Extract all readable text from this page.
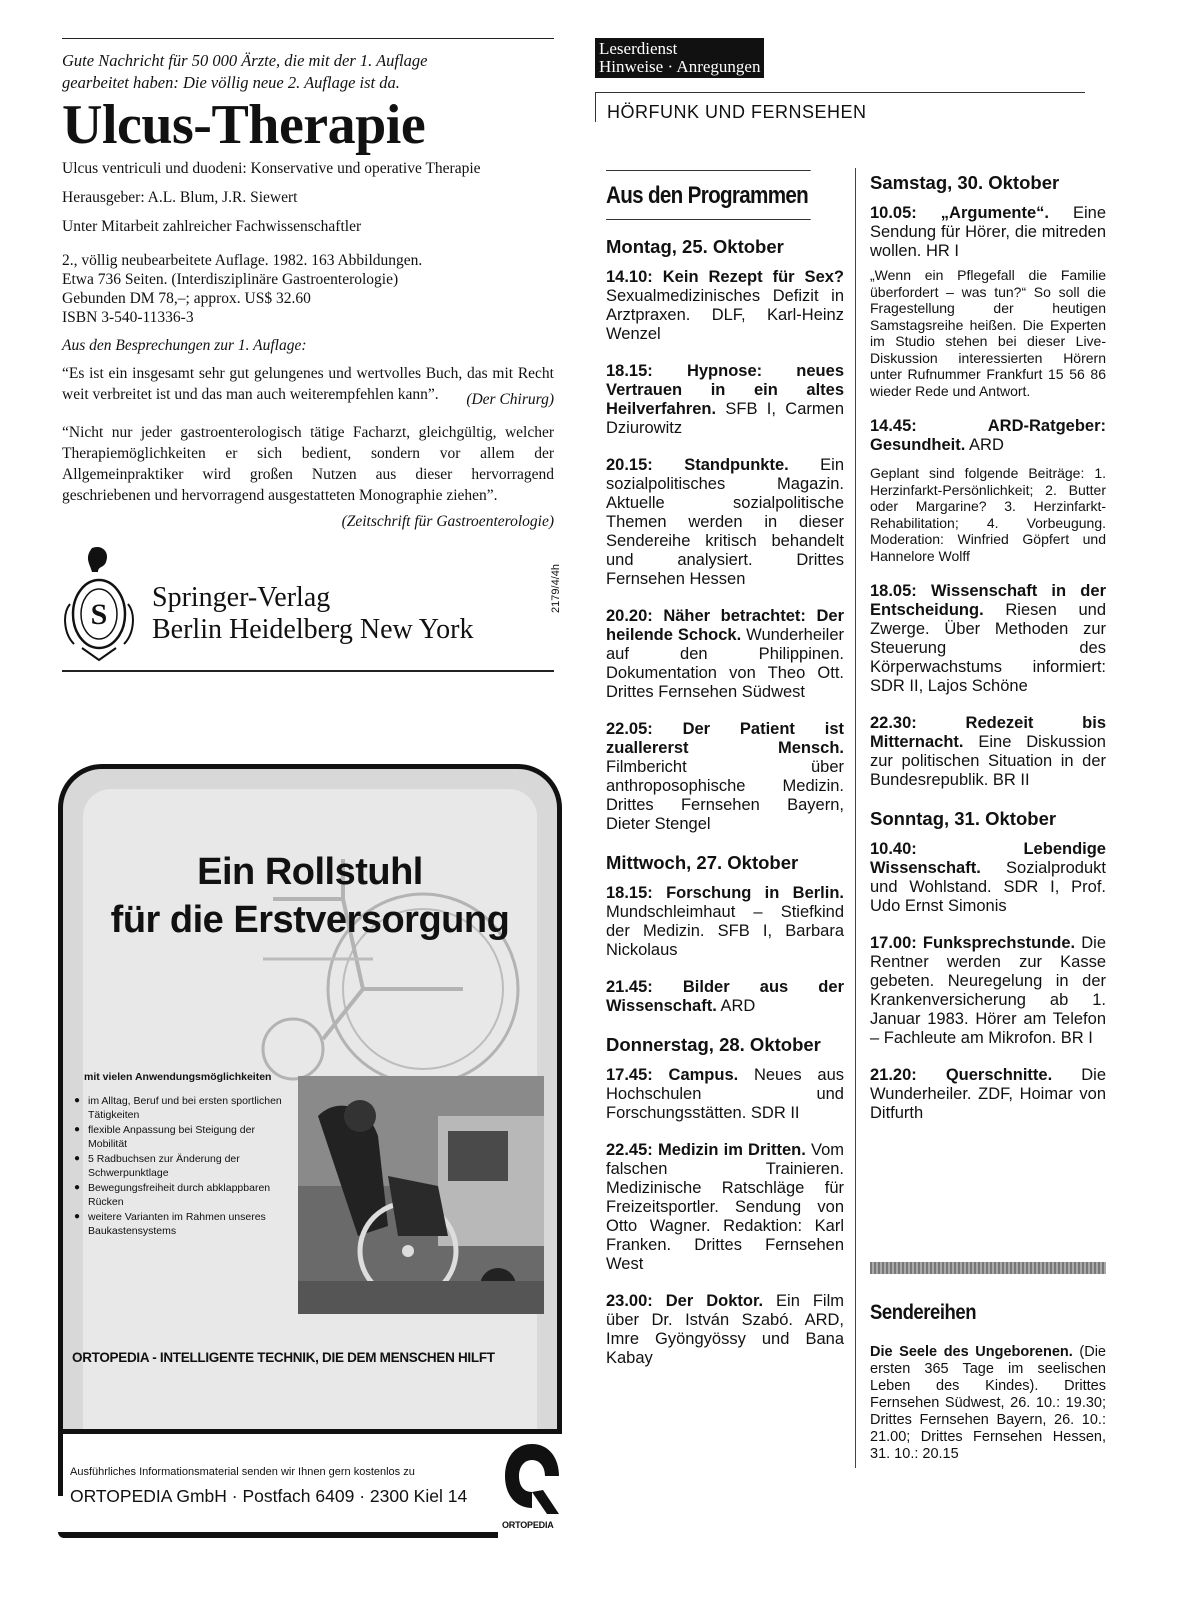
Gute Nachricht für 50 000 Ärzte, die mit der 1. Auflage

gearbeitet haben: Die völlig neue 2. Auflage ist da.

Ulcus-Therapie

Ulcus ventriculi und duodeni: Konservative und operative Therapie

Herausgeber: A.L. Blum, J.R. Siewert

Unter Mitarbeit zahlreicher Fachwissenschaftler

2., völlig neubearbeitete Auflage. 1982. 163 Abbildungen.
Etwa 736 Seiten. (Interdisziplinäre Gastroenterologie)
Gebunden DM 78,–; approx. US$ 32.60
ISBN 3-540-11336-3

Aus den Besprechungen zur 1. Auflage:

“Es ist ein insgesamt sehr gut gelungenes und wertvolles Buch, das mit Recht weit verbreitet ist und das man auch weiterempfehlen kann”.	(Der Chirurg)

“Nicht nur jeder gastroenterologisch tätige Facharzt, gleichgültig, welcher Therapiemöglichkeiten er sich bedient, sondern vor allem der Allgemeinpraktiker wird großen Nutzen aus dieser hervorragend geschriebenen und hervorragend ausgestatteten Monographie ziehen”.

(Zeitschrift für Gastroenterologie)

S
Springer-Verlag
Berlin Heidelberg New York
2179/4/4h
Ein Rollstuhl
für die Erstversorgung

mit vielen Anwendungsmöglichkeiten

● im Alltag, Beruf und bei ersten sportlichen Tätigkeiten
● flexible Anpassung bei Steigung der Mobilität
● 5 Radbuchsen zur Änderung der Schwerpunktlage
● Bewegungsfreiheit durch abklappbaren Rücken
● weitere Varianten im Rahmen unseres Baukastensystems
ORTOPEDIA - INTELLIGENTE TECHNIK, DIE DEM MENSCHEN HILFT
Ausführliches Informationsmaterial senden wir Ihnen gern kostenlos zu
ORTOPEDIA GmbH · Postfach 6409 · 2300 Kiel 14
ORTOPEDIA
Leserdienst
Hinweise · Anregungen
HÖRFUNK UND FERNSEHEN
Aus den Programmen

Montag, 25. Oktober

14.10: Kein Rezept für Sex? Sexualmedizinisches Defizit in Arztpraxen. DLF, Karl-Heinz Wenzel

18.15: Hypnose: neues Vertrauen in ein altes Heilverfahren. SFB I, Carmen Dziurowitz

20.15: Standpunkte. Ein sozialpolitisches Magazin. Aktuelle sozialpolitische Themen werden in dieser Sendereihe kritisch behandelt und analysiert. Drittes Fernsehen Hessen

20.20: Näher betrachtet: Der heilende Schock. Wunderheiler auf den Philippinen. Dokumentation von Theo Ott. Drittes Fernsehen Südwest

22.05: Der Patient ist zuallererst Mensch. Filmbericht über anthroposophische Medizin. Drittes Fernsehen Bayern, Dieter Stengel

Mittwoch, 27. Oktober

18.15: Forschung in Berlin. Mundschleimhaut – Stiefkind der Medizin. SFB I, Barbara Nickolaus

21.45: Bilder aus der Wissenschaft. ARD

Donnerstag, 28. Oktober

17.45: Campus. Neues aus Hochschulen und Forschungsstätten. SDR II

22.45: Medizin im Dritten. Vom falschen Trainieren. Medizinische Ratschläge für Freizeitsportler. Sendung von Otto Wagner. Redaktion: Karl Franken. Drittes Fernsehen West

23.00: Der Doktor. Ein Film über Dr. István Szabó. ARD, Imre Gyöngyössy und Bana Kabay

Samstag, 30. Oktober

10.05: „Argumente“. Eine Sendung für Hörer, die mitreden wollen. HR I

„Wenn ein Pflegefall die Familie überfordert – was tun?“ So soll die Fragestellung der heutigen Samstagsreihe heißen. Die Experten im Studio stehen bei dieser Live-Diskussion interessierten Hörern unter Rufnummer Frankfurt 15 56 86 wieder Rede und Antwort.

14.45: ARD-Ratgeber: Gesundheit. ARD

Geplant sind folgende Beiträge: 1. Herzinfarkt-Persönlichkeit; 2. Butter oder Margarine? 3. Herzinfarkt-Rehabilitation; 4. Vorbeugung. Moderation: Winfried Göpfert und Hannelore Wolff

18.05: Wissenschaft in der Entscheidung. Riesen und Zwerge. Über Methoden zur Steuerung des Körperwachstums informiert: SDR II, Lajos Schöne

22.30: Redezeit bis Mitternacht. Eine Diskussion zur politischen Situation in der Bundesrepublik. BR II

Sonntag, 31. Oktober

10.40: Lebendige Wissenschaft. Sozialprodukt und Wohlstand. SDR I, Prof. Udo Ernst Simonis

17.00: Funksprechstunde. Die Rentner werden zur Kasse gebeten. Neuregelung in der Krankenversicherung ab 1. Januar 1983. Hörer am Telefon – Fachleute am Mikrofon. BR I

21.20: Querschnitte. Die Wunderheiler. ZDF, Hoimar von Ditfurth

Sendereihen

Die Seele des Ungeborenen. (Die ersten 365 Tage im seelischen Leben des Kindes). Drittes Fernsehen Südwest, 26. 10.: 19.30; Drittes Fernsehen Bayern, 26. 10.: 21.00; Drittes Fernsehen Hessen, 31. 10.: 20.15
